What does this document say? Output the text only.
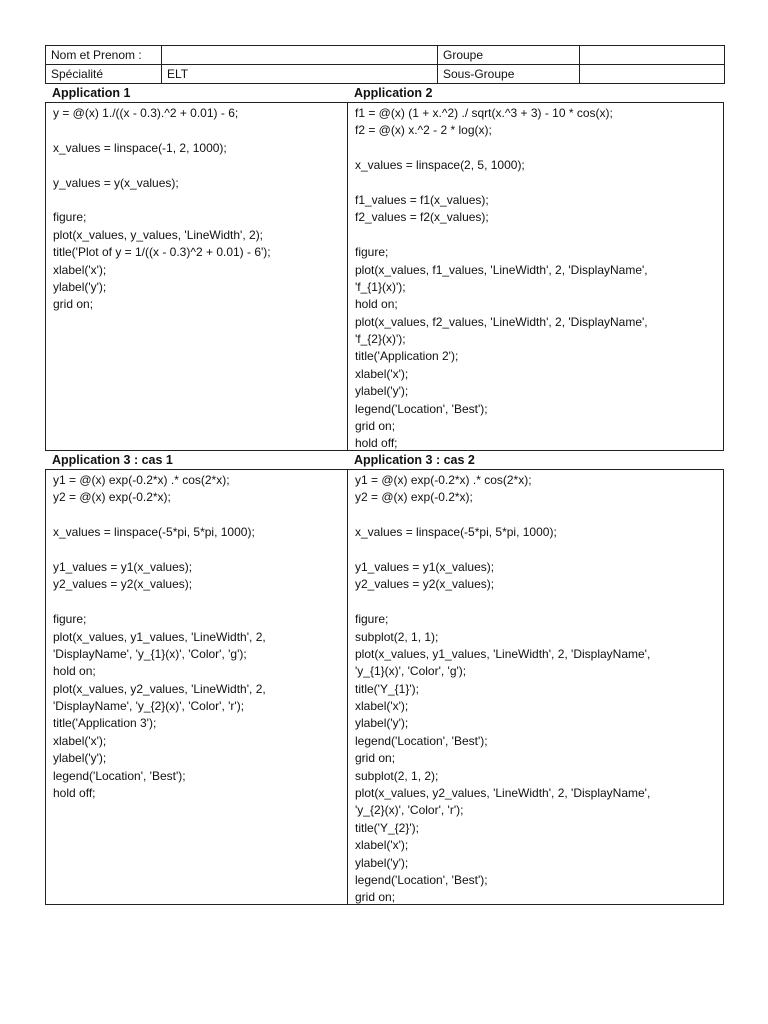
Nom et Prenom :		Groupe	
Spécialité	ELT	Sous-Groupe	
Application 1
y = @(x) 1./((x - 0.3).^2 + 0.01) - 6;
x_values = linspace(-1, 2, 1000);
y_values = y(x_values);
figure;
plot(x_values, y_values, 'LineWidth', 2);
title('Plot of y = 1/((x - 0.3)^2 + 0.01) - 6');
xlabel('x');
ylabel('y');
grid on;
Application 2
f1 = @(x) (1 + x.^2) ./ sqrt(x.^3 + 3) - 10 * cos(x);
f2 = @(x) x.^2 - 2 * log(x);
x_values = linspace(2, 5, 1000);
f1_values = f1(x_values);
f2_values = f2(x_values);
figure;
plot(x_values, f1_values, 'LineWidth', 2, 'DisplayName',
'f_{1}(x)');
hold on;
plot(x_values, f2_values, 'LineWidth', 2, 'DisplayName',
'f_{2}(x)');
title('Application 2');
xlabel('x');
ylabel('y');
legend('Location', 'Best');
grid on;
hold off;
Application 3 : cas 1
y1 = @(x) exp(-0.2*x) .* cos(2*x);
y2 = @(x) exp(-0.2*x);
x_values = linspace(-5*pi, 5*pi, 1000);
y1_values = y1(x_values);
y2_values = y2(x_values);
figure;
plot(x_values, y1_values, 'LineWidth', 2,
'DisplayName', 'y_{1}(x)', 'Color', 'g');
hold on;
plot(x_values, y2_values, 'LineWidth', 2,
'DisplayName', 'y_{2}(x)', 'Color', 'r');
title('Application 3');
xlabel('x');
ylabel('y');
legend('Location', 'Best');
hold off;
Application 3 : cas 2
y1 = @(x) exp(-0.2*x) .* cos(2*x);
y2 = @(x) exp(-0.2*x);
x_values = linspace(-5*pi, 5*pi, 1000);
y1_values = y1(x_values);
y2_values = y2(x_values);
figure;
subplot(2, 1, 1);
plot(x_values, y1_values, 'LineWidth', 2, 'DisplayName',
'y_{1}(x)', 'Color', 'g');
title('Y_{1}');
xlabel('x');
ylabel('y');
legend('Location', 'Best');
grid on;
subplot(2, 1, 2);
plot(x_values, y2_values, 'LineWidth', 2, 'DisplayName',
'y_{2}(x)', 'Color', 'r');
title('Y_{2}');
xlabel('x');
ylabel('y');
legend('Location', 'Best');
grid on;
